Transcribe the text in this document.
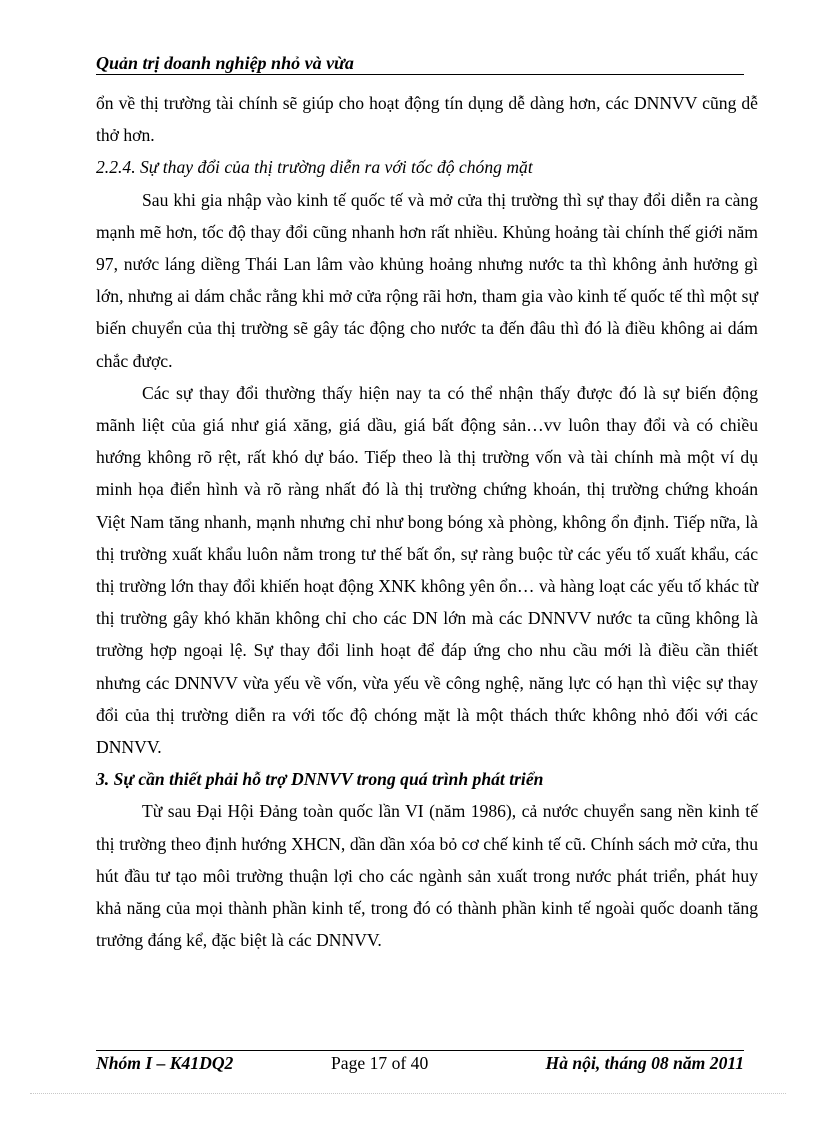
Quản trị doanh nghiệp nhỏ và vừa

ổn về thị trường tài chính sẽ giúp cho hoạt động tín dụng dễ dàng hơn, các DNNVV cũng dễ thở hơn.

2.2.4. Sự thay đổi của thị trường diễn ra với tốc độ chóng mặt

Sau khi gia nhập vào kinh tế quốc tế và mở cửa thị trường thì sự thay đổi diễn ra càng mạnh mẽ hơn, tốc độ thay đổi cũng nhanh hơn rất nhiều. Khủng hoảng tài chính thế giới năm 97, nước láng diềng Thái Lan lâm vào khủng hoảng nhưng nước ta thì không ảnh hưởng gì lớn, nhưng ai dám chắc rằng khi mở cửa rộng rãi hơn, tham gia vào kinh tế quốc tế thì một sự biến chuyển của thị trường sẽ gây tác động cho nước ta đến đâu thì đó là điều không ai dám chắc được.

Các sự thay đổi thường thấy hiện nay ta có thể nhận thấy được đó là sự biến động mãnh liệt của giá như giá xăng, giá dầu, giá bất động sản…vv luôn thay đổi và có chiều hướng không rõ rệt, rất khó dự báo. Tiếp theo là thị trường vốn và tài chính mà một ví dụ minh họa điển hình và rõ ràng nhất đó là thị trường chứng khoán, thị trường chứng khoán Việt Nam tăng nhanh, mạnh nhưng chỉ như bong bóng xà phòng, không ổn định. Tiếp nữa, là thị trường xuất khẩu luôn nằm trong tư thế bất ổn, sự ràng buộc từ các yếu tố xuất khẩu, các thị trường lớn thay đổi khiến hoạt động XNK không yên ổn… và hàng loạt các yếu tố khác từ thị trường gây khó khăn không chỉ cho các DN lớn mà các DNNVV nước ta cũng không là trường hợp ngoại lệ. Sự thay đổi linh hoạt để đáp ứng cho nhu cầu mới là điều cần thiết nhưng các DNNVV vừa yếu về vốn, vừa yếu về công nghệ, năng lực có hạn thì việc sự thay đổi của thị trường diễn ra với tốc độ chóng mặt là một thách thức không nhỏ đối với các DNNVV.

3. Sự cần thiết phải hỗ trợ DNNVV trong quá trình phát triển

Từ sau Đại Hội Đảng toàn quốc lần VI (năm 1986), cả nước chuyển sang nền kinh tế thị trường theo định hướng XHCN, dần dần xóa bỏ cơ chế kinh tế cũ. Chính sách mở cửa, thu hút đầu tư tạo môi trường thuận lợi cho các ngành sản xuất trong nước phát triển, phát huy khả năng của mọi thành phần kinh tế, trong đó có thành phần kinh tế ngoài quốc doanh tăng trưởng đáng kể, đặc biệt là các DNNVV.

Nhóm I – K41DQ2	Page 17 of 40	Hà nội, tháng 08 năm 2011
